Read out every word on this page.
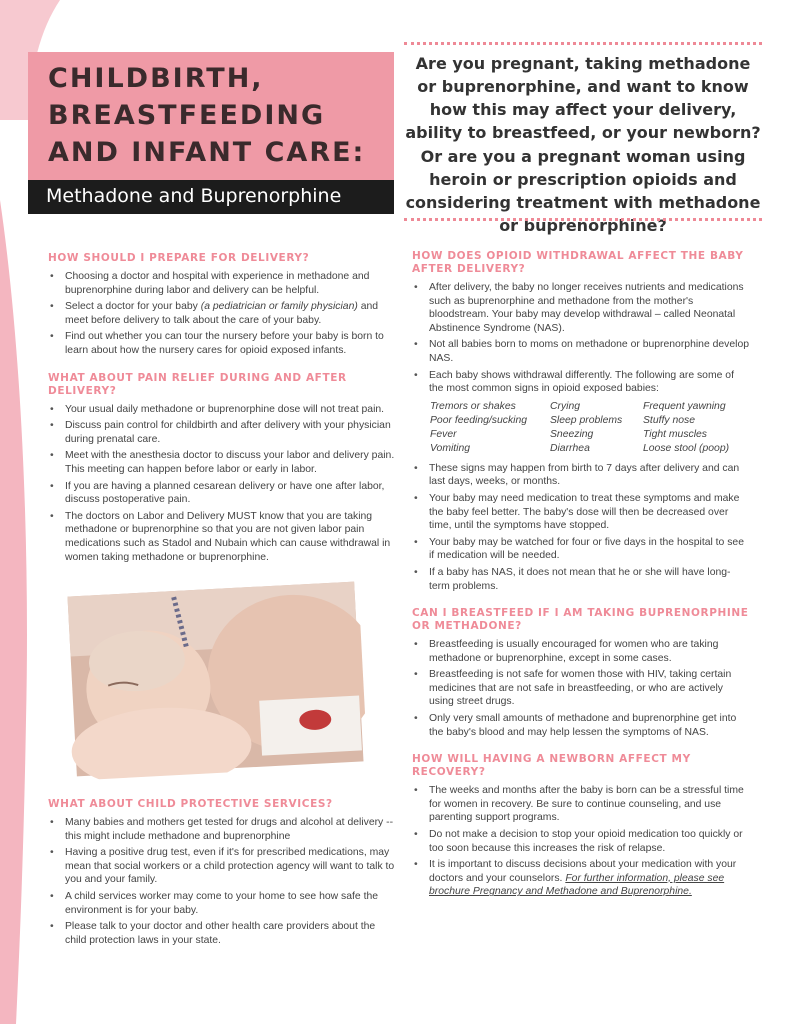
CHILDBIRTH,
BREASTFEEDING
AND INFANT CARE:

Methadone and Buprenorphine

Are you pregnant, taking methadone or buprenorphine, and want to know how this may affect your delivery, ability to breastfeed, or your newborn?

Or are you a pregnant woman using heroin or prescription opioids and considering treatment with methadone or buprenorphine?

HOW SHOULD I PREPARE FOR DELIVERY?
• Choosing a doctor and hospital with experience in methadone and buprenorphine during labor and delivery can be helpful.
• Select a doctor for your baby (a pediatrician or family physician) and meet before delivery to talk about the care of your baby.
• Find out whether you can tour the nursery before your baby is born to learn about how the nursery cares for opioid exposed infants.
WHAT ABOUT PAIN RELIEF DURING AND AFTER DELIVERY?
• Your usual daily methadone or buprenorphine dose will not treat pain.
• Discuss pain control for childbirth and after delivery with your physician during prenatal care.
• Meet with the anesthesia doctor to discuss your labor and delivery pain. This meeting can happen before labor or early in labor.
• If you are having a planned cesarean delivery or have one after labor, discuss postoperative pain.
• The doctors on Labor and Delivery MUST know that you are taking methadone or buprenorphine so that you are not given labor pain medications such as Stadol and Nubain which can cause withdrawal in women taking methadone or buprenorphine.
WHAT ABOUT CHILD PROTECTIVE SERVICES?
• Many babies and mothers get tested for drugs and alcohol at delivery -- this might include methadone and buprenorphine
• Having a positive drug test, even if it's for prescribed medications, may mean that social workers or a child protection agency will want to talk to you and your family.
• A child services worker may come to your home to see how safe the environment is for your baby.
• Please talk to your doctor and other health care providers about the child protection laws in your state.
HOW DOES OPIOID WITHDRAWAL AFFECT THE BABY AFTER DELIVERY?
• After delivery, the baby no longer receives nutrients and medications such as buprenorphine and methadone from the mother's bloodstream. Your baby may develop withdrawal – called Neonatal Abstinence Syndrome (NAS).
• Not all babies born to moms on methadone or buprenorphine develop NAS.
• Each baby shows withdrawal differently. The following are some of the most common signs in opioid exposed babies:
Tremors or shakes	Crying	Frequent yawning
Poor feeding/sucking	Sleep problems	Stuffy nose
Fever	Sneezing	Tight muscles
Vomiting	Diarrhea	Loose stool (poop)
• These signs may happen from birth to 7 days after delivery and can last days, weeks, or months.
• Your baby may need medication to treat these symptoms and make the baby feel better. The baby's dose will then be decreased over time, until the symptoms have stopped.
• Your baby may be watched for four or five days in the hospital to see if medication will be needed.
• If a baby has NAS, it does not mean that he or she will have long-term problems.
CAN I BREASTFEED IF I AM TAKING BUPRENORPHINE OR METHADONE?
• Breastfeeding is usually encouraged for women who are taking methadone or buprenorphine, except in some cases.
• Breastfeeding is not safe for women those with HIV, taking certain medicines that are not safe in breastfeeding, or who are actively using street drugs.
• Only very small amounts of methadone and buprenorphine get into the baby's blood and may help lessen the symptoms of NAS.
HOW WILL HAVING A NEWBORN AFFECT MY RECOVERY?
• The weeks and months after the baby is born can be a stressful time for women in recovery. Be sure to continue counseling, and use parenting support programs.
• Do not make a decision to stop your opioid medication too quickly or too soon because this increases the risk of relapse.
• It is important to discuss decisions about your medication with your doctors and your counselors. For further information, please see brochure Pregnancy and Methadone and Buprenorphine.
